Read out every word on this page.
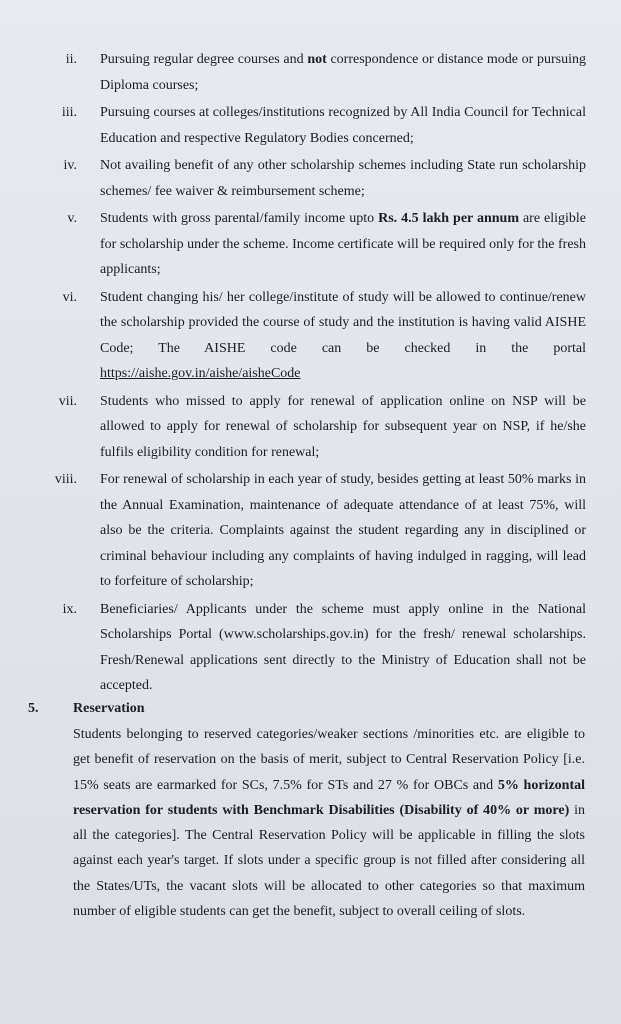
ii. Pursuing regular degree courses and not correspondence or distance mode or pursuing Diploma courses;
iii. Pursuing courses at colleges/institutions recognized by All India Council for Technical Education and respective Regulatory Bodies concerned;
iv. Not availing benefit of any other scholarship schemes including State run scholarship schemes/ fee waiver & reimbursement scheme;
v. Students with gross parental/family income upto Rs. 4.5 lakh per annum are eligible for scholarship under the scheme. Income certificate will be required only for the fresh applicants;
vi. Student changing his/ her college/institute of study will be allowed to continue/renew the scholarship provided the course of study and the institution is having valid AISHE Code; The AISHE code can be checked in the portal https://aishe.gov.in/aishe/aisheCode
vii. Students who missed to apply for renewal of application online on NSP will be allowed to apply for renewal of scholarship for subsequent year on NSP, if he/she fulfils eligibility condition for renewal;
viii. For renewal of scholarship in each year of study, besides getting at least 50% marks in the Annual Examination, maintenance of adequate attendance of at least 75%, will also be the criteria. Complaints against the student regarding any in disciplined or criminal behaviour including any complaints of having indulged in ragging, will lead to forfeiture of scholarship;
ix. Beneficiaries/ Applicants under the scheme must apply online in the National Scholarships Portal (www.scholarships.gov.in) for the fresh/ renewal scholarships. Fresh/Renewal applications sent directly to the Ministry of Education shall not be accepted.
5. Reservation
Students belonging to reserved categories/weaker sections /minorities etc. are eligible to get benefit of reservation on the basis of merit, subject to Central Reservation Policy [i.e. 15% seats are earmarked for SCs, 7.5% for STs and 27 % for OBCs and 5% horizontal reservation for students with Benchmark Disabilities (Disability of 40% or more) in all the categories]. The Central Reservation Policy will be applicable in filling the slots against each year's target. If slots under a specific group is not filled after considering all the States/UTs, the vacant slots will be allocated to other categories so that maximum number of eligible students can get the benefit, subject to overall ceiling of slots.
